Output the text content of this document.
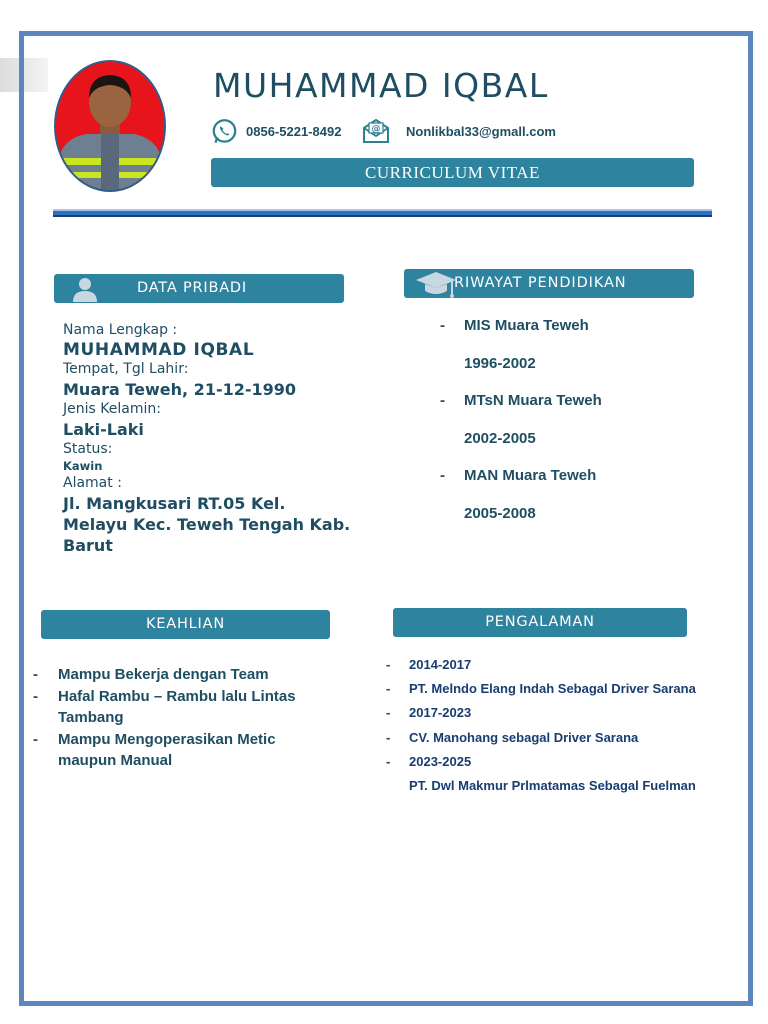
MUHAMMAD IQBAL
0856-5221-8492	@ Nonlikbal33@gmall.com
CURRICULUM VITAE
DATA PRIBADI	RIWAYAT PENDIDIKAN
Nama Lengkap :
MUHAMMAD IQBAL
Tempat, Tgl Lahir:
Muara Teweh, 21-12-1990
Jenis Kelamin:
Laki-Laki
Status:
Kawin
Alamat :
Jl. Mangkusari RT.05 Kel. Melayu Kec. Teweh Tengah Kab. Barut
-	MIS Muara Teweh
1996-2002
-	MTsN Muara Teweh
2002-2005
-	MAN Muara Teweh
2005-2008
KEAHLIAN	PENGALAMAN
-	Mampu Bekerja dengan Team
-	Hafal Rambu – Rambu lalu Lintas Tambang
-	Mampu Mengoperasikan Metic maupun Manual
-	2014-2017
-	PT. Melndo Elang Indah Sebagal Driver Sarana
-	2017-2023
-	CV. Manohang sebagal Driver Sarana
-	2023-2025
PT. Dwl Makmur Prlmatamas Sebagal Fuelman
